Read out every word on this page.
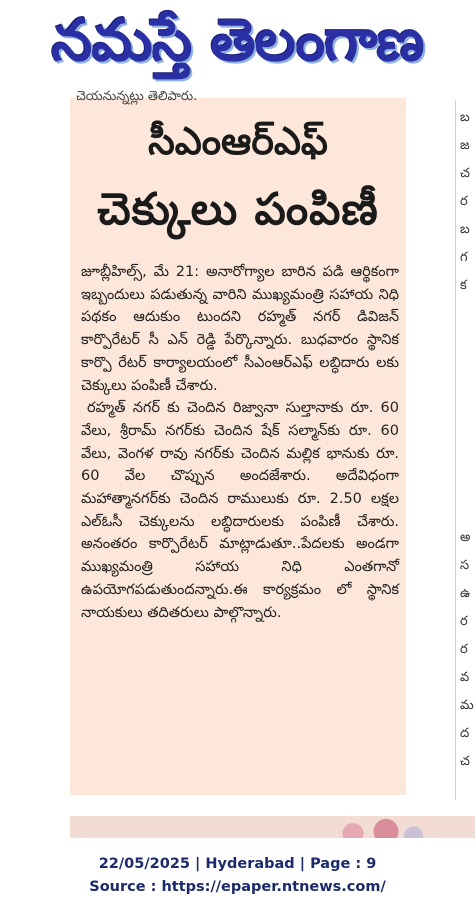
నమస్తే తెలంగాణ
చెయనున్నట్లు తెలిపారు.
సీఎంఆర్‌ఎఫ్
చెక్కులు పంపిణీ

జూబ్లీహిల్స్, మే 21: అనారోగ్యాల బారిన పడి ఆర్థికంగా ఇబ్బందులు పడుతున్న వారిని ముఖ్యమంత్రి సహాయ నిధి పథకం ఆదుకుం టుందని రహ్మత్ నగర్ డివిజన్ కార్పొరేటర్ సీ ఎన్ రెడ్డి పేర్కొన్నారు. బుధవారం స్థానిక కార్పొ రేటర్ కార్యాలయంలో సీఎంఆర్‌ఎఫ్ లబ్ధిదారు లకు చెక్కులు పంపిణీ చేశారు.

రహ్మత్ నగర్ కు చెందిన రిజ్వానా సుల్తానాకు రూ. 60 వేలు, శ్రీరామ్ నగర్‌కు చెందిన షేక్ సల్మాన్‌కు రూ. 60 వేలు, వెంగళ రావు నగర్‌కు చెందిన మల్లిక భానుకు రూ. 60 వేల చొప్పున అందజేశారు. అదేవిధంగా మహాత్మానగర్‌కు చెందిన రాములుకు రూ. 2.50 లక్షల ఎల్‌ఓసీ చెక్కులను లబ్ధిదారులకు పంపిణీ చేశారు. అనంతరం కార్పొరేటర్ మాట్లాడుతూ..పేదలకు అండగా ముఖ్యమంత్రి సహాయ నిధి ఎంతగానో ఉపయోగపడుతుందన్నారు.ఈ కార్యక్రమం లో స్థానిక నాయకులు తదితరులు పాల్గొన్నారు.

బ
జ
చ
ర
బ
గ
క
అ
స
ఉ
ర
ర
వ
మ
ద
చ
22/05/2025 | Hyderabad | Page : 9
Source : https://epaper.ntnews.com/
